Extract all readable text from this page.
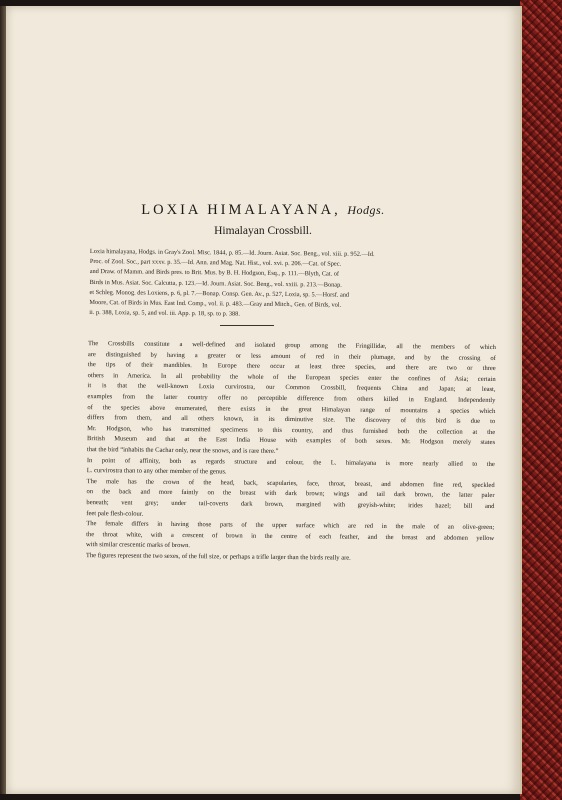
LOXIA HIMALAYANA, Hodgs.
Himalayan Crossbill.

Loxia himalayana, Hodgs. in Gray's Zool. Misc. 1844, p. 85.—Id. Journ. Asiat. Soc. Beng., vol. xiii. p. 952.—Id.
Proc. of Zool. Soc., part xxxv. p. 35.—Id. Ann. and Mag. Nat. Hist., vol. xvi. p. 206.—Cat. of Spec.
and Draw. of Mamm. and Birds pres. to Brit. Mus. by B. H. Hodgson, Esq., p. 111.—Blyth, Cat. of
Birds in Mus. Asiat. Soc. Calcutta, p. 123.—Id. Journ. Asiat. Soc. Beng., vol. xxiii. p. 213.—Bonap.
et Schleg. Monog. des Loxiens, p. 6, pl. 7.—Bonap. Consp. Gen. Av., p. 527, Loxia, sp. 5.—Horsf. and
Moore, Cat. of Birds in Mus. East Ind. Comp., vol. ii. p. 483.—Gray and Mitch., Gen. of Birds, vol.
ii. p. 388, Loxia, sp. 5, and vol. iii. App. p. 18, sp. to p. 388.

The Crossbills constitute a well-defined and isolated group among the Fringillidæ, all the members of which
are distinguished by having a greater or less amount of red in their plumage, and by the crossing of
the tips of their mandibles. In Europe there occur at least three species, and there are two or three
others in America. In all probability the whole of the European species enter the confines of Asia; certain
it is that the well-known Loxia curvirostra, our Common Crossbill, frequents China and Japan; at least,
examples from the latter country offer no perceptible difference from others killed in England. Independently
of the species above enumerated, there exists in the great Himalayan range of mountains a species which
differs from them, and all others known, in its diminutive size. The discovery of this bird is due to
Mr. Hodgson, who has transmitted specimens to this country, and thus furnished both the collection at the
British Museum and that at the East India House with examples of both sexes. Mr. Hodgson merely states
that the bird “inhabits the Cachar only, near the snows, and is rare there.”

In point of affinity, both as regards structure and colour, the L. himalayana is more nearly allied to the
L. curvirostra than to any other member of the genus.

The male has the crown of the head, back, scapularies, face, throat, breast, and abdomen fine red, speckled
on the back and more faintly on the breast with dark brown; wings and tail dark brown, the latter paler
beneath; vent grey; under tail-coverts dark brown, margined with greyish-white; irides hazel; bill and
feet pale flesh-colour.

The female differs in having those parts of the upper surface which are red in the male of an olive-green;
the throat white, with a crescent of brown in the centre of each feather, and the breast and abdomen yellow
with similar crescentic marks of brown.

The figures represent the two sexes, of the full size, or perhaps a trifle larger than the birds really are.
